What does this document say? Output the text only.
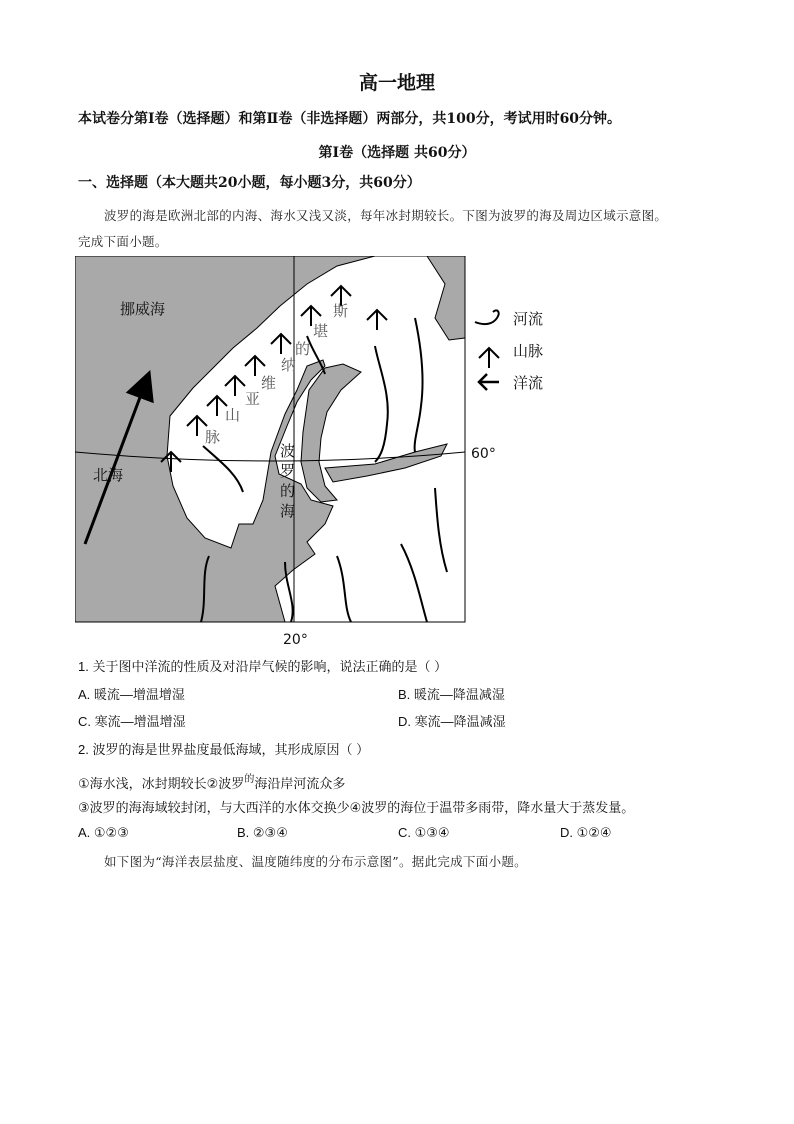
高一地理
本试卷分第Ⅰ卷（选择题）和第Ⅱ卷（非选择题）两部分，共100分，考试用时60分钟。
第Ⅰ卷（选择题 共60分）
一、选择题（本大题共20小题，每小题3分，共60分）
波罗的海是欧洲北部的内海、海水又浅又淡，每年冰封期较长。下图为波罗的海及周边区域示意图。
完成下面小题。
挪威海
北海
波
罗
的
海
斯
堪
的
纳
维
亚
山
脉
60°
20°
河流
山脉
洋流
1. 关于图中洋流的性质及对沿岸气候的影响，说法正确的是（ ）
A. 暖流—增温增湿	B. 暖流—降温减湿
C. 寒流—增温增湿	D. 寒流—降温减湿
2. 波罗的海是世界盐度最低海域，其形成原因（ ）
①海水浅，冰封期较长②波罗$^的$海沿岸河流众多
③波罗的海海域较封闭，与大西洋的水体交换少④波罗的海位于温带多雨带，降水量大于蒸发量。
A. ①②③	B. ②③④	C. ①③④	D. ①②④
如下图为“海洋表层盐度、温度随纬度的分布示意图”。据此完成下面小题。
